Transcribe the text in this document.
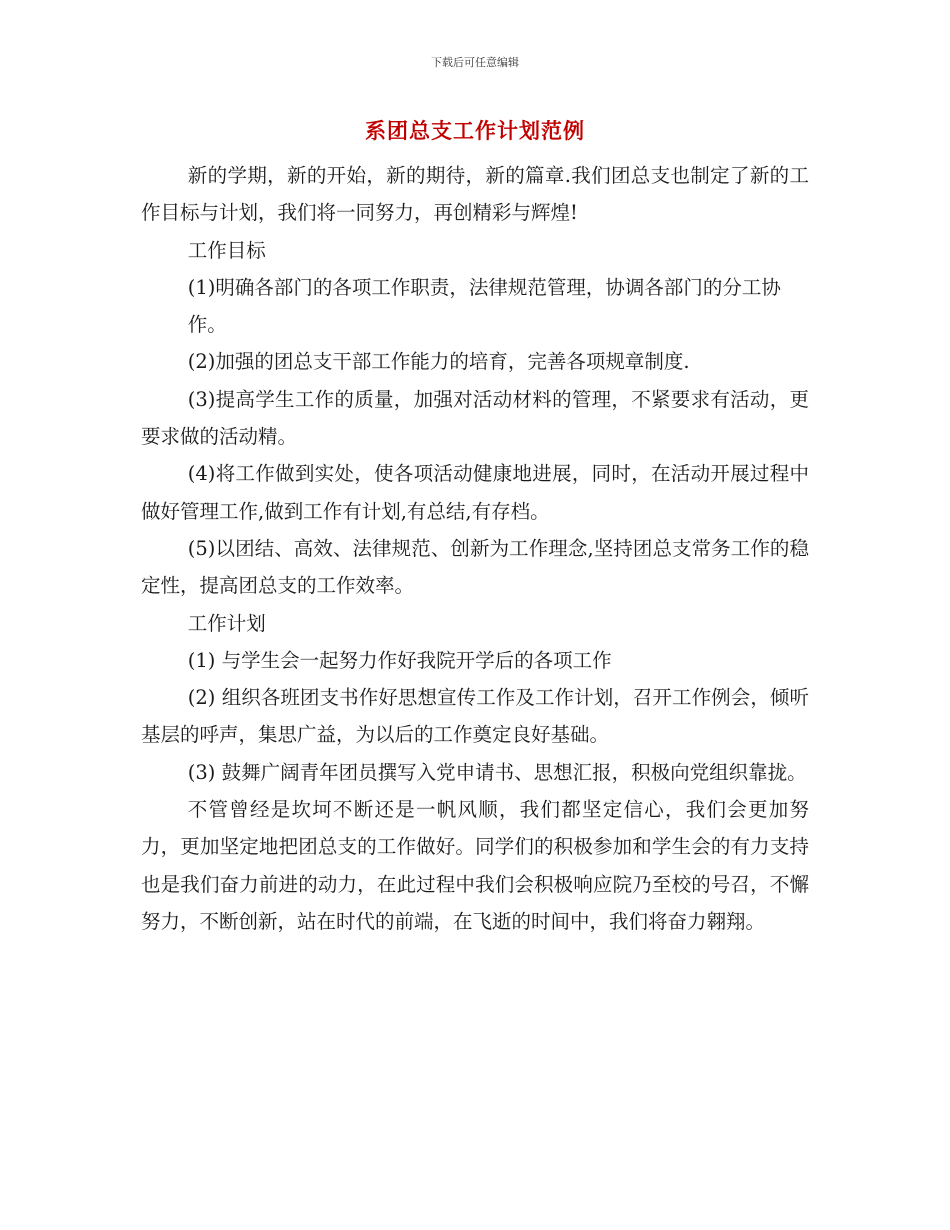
下载后可任意编辑
系团总支工作计划范例

新的学期，新的开始，新的期待，新的篇章.我们团总支也制定了新的工作目标与计划，我们将一同努力，再创精彩与辉煌!

工作目标

(1)明确各部门的各项工作职责，法律规范管理，协调各部门的分工协

作。

(2)加强的团总支干部工作能力的培育，完善各项规章制度.

(3)提高学生工作的质量，加强对活动材料的管理，不紧要求有活动，更要求做的活动精。

(4)将工作做到实处，使各项活动健康地进展，同时，在活动开展过程中做好管理工作,做到工作有计划,有总结,有存档。

(5)以团结、高效、法律规范、创新为工作理念,坚持团总支常务工作的稳定性，提高团总支的工作效率。

工作计划

(1) 与学生会一起努力作好我院开学后的各项工作

(2) 组织各班团支书作好思想宣传工作及工作计划，召开工作例会，倾听基层的呼声，集思广益，为以后的工作奠定良好基础。

(3) 鼓舞广阔青年团员撰写入党申请书、思想汇报，积极向党组织靠拢。

不管曾经是坎坷不断还是一帆风顺，我们都坚定信心，我们会更加努力，更加坚定地把团总支的工作做好。同学们的积极参加和学生会的有力支持也是我们奋力前进的动力，在此过程中我们会积极响应院乃至校的号召，不懈努力，不断创新，站在时代的前端，在飞逝的时间中，我们将奋力翱翔。
